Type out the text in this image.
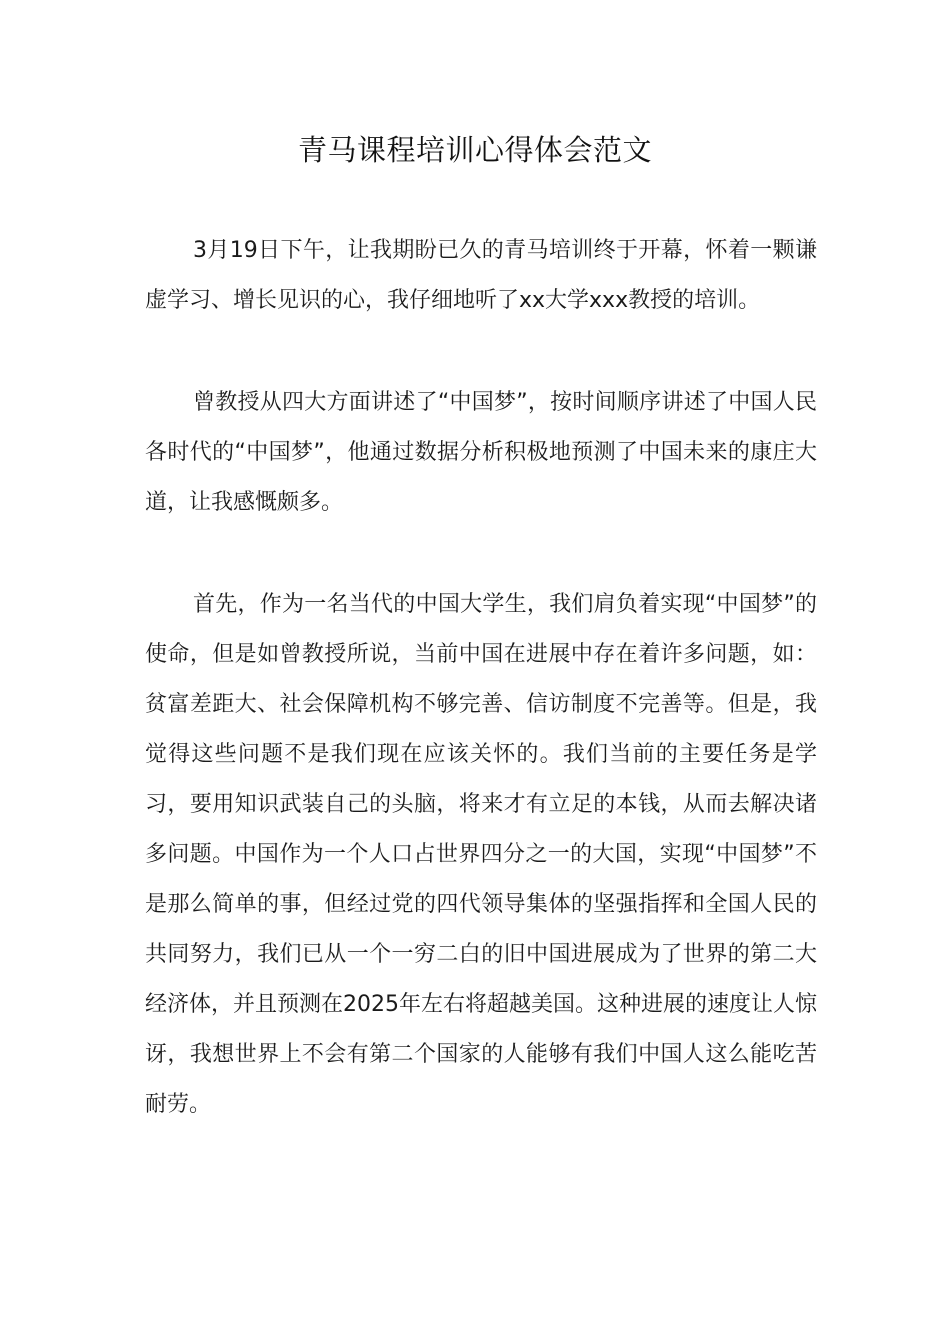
青马课程培训心得体会范文

3月19日下午，让我期盼已久的青马培训终于开幕，怀着一颗谦虚学习、增长见识的心，我仔细地听了xx大学xxx教授的培训。

曾教授从四大方面讲述了“中国梦”，按时间顺序讲述了中国人民各时代的“中国梦”，他通过数据分析积极地预测了中国未来的康庄大道，让我感慨颇多。

首先，作为一名当代的中国大学生，我们肩负着实现“中国梦”的使命，但是如曾教授所说，当前中国在进展中存在着许多问题，如：贫富差距大、社会保障机构不够完善、信访制度不完善等。但是，我觉得这些问题不是我们现在应该关怀的。我们当前的主要任务是学习，要用知识武装自己的头脑，将来才有立足的本钱，从而去解决诸多问题。中国作为一个人口占世界四分之一的大国，实现“中国梦”不是那么简单的事，但经过党的四代领导集体的坚强指挥和全国人民的共同努力，我们已从一个一穷二白的旧中国进展成为了世界的第二大经济体，并且预测在2025年左右将超越美国。这种进展的速度让人惊讶，我想世界上不会有第二个国家的人能够有我们中国人这么能吃苦耐劳。
